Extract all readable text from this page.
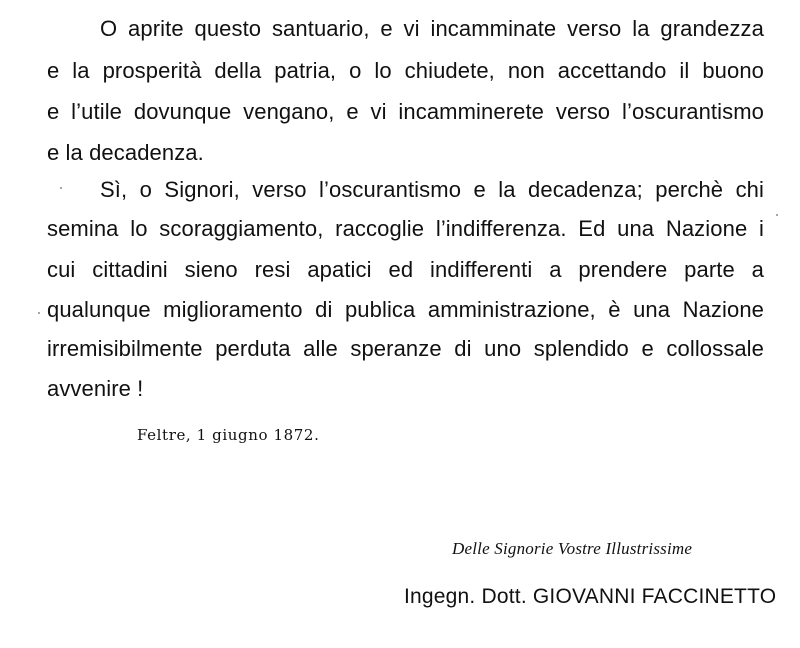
O aprite questo santuario, e vi incamminate verso la grandezza
e la prosperità della patria, o lo chiudete, non accettando il buono
e l’utile dovunque vengano, e vi incamminerete verso l’oscurantismo
e la decadenza.
Sì, o Signori, verso l’oscurantismo e la decadenza; perchè chi
semina lo scoraggiamento, raccoglie l’indifferenza. Ed una Nazione i
cui cittadini sieno resi apatici ed indifferenti a prendere parte a
qualunque miglioramento di publica amministrazione, è una Nazione
irremisibilmente perduta alle speranze di uno splendido e collossale
avvenire !
Feltre, 1 giugno 1872.
Delle Signorie Vostre Illustrissime
Ingegn. Dott. GIOVANNI FACCINETTO
